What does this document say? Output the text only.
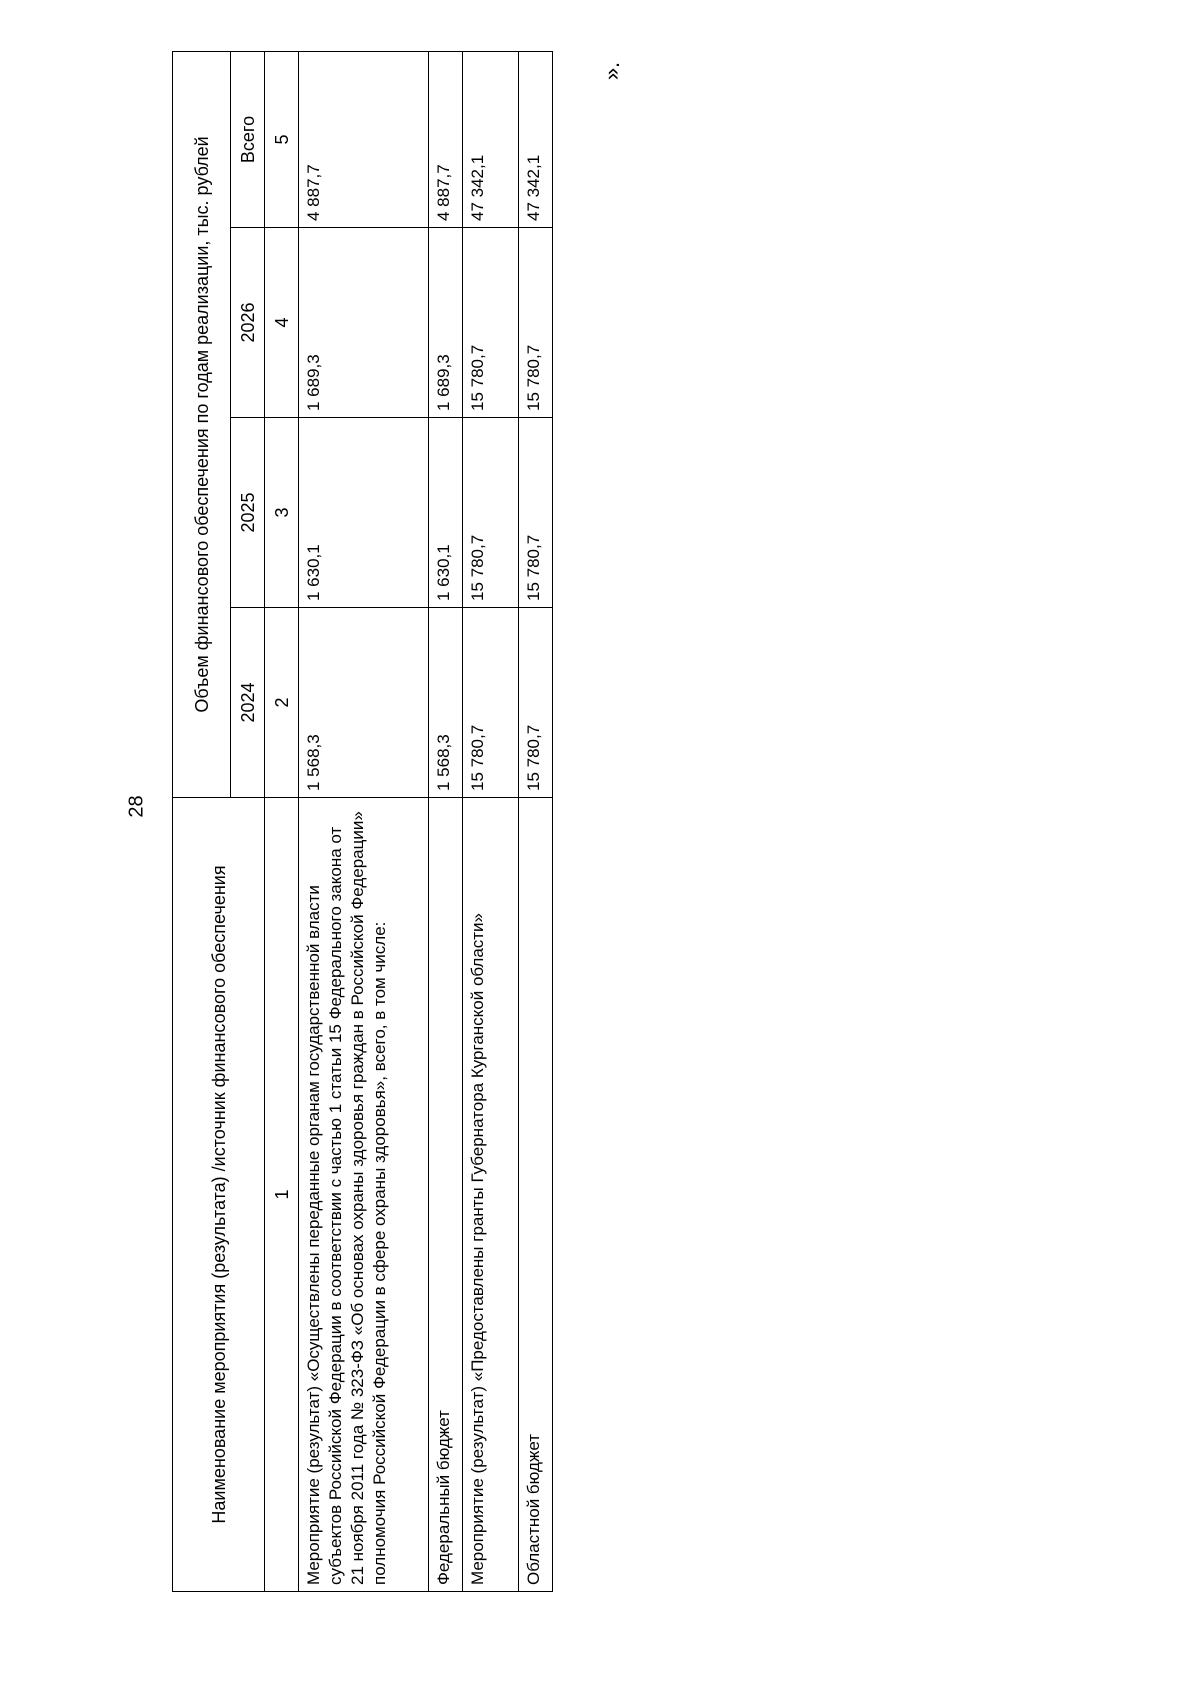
28
».
Наименование мероприятия (результата) /источник финансового обеспечения	Объем финансового обеспечения по годам реализации, тыс. рублей			
	2024	2025	2026	Всего
1	2	3	4	5
Мероприятие (результат) «Осуществлены переданные органам государственной власти субъектов Российской Федерации в соответствии с частью 1 статьи 15 Федерального закона от 21 ноября 2011 года № 323-ФЗ «Об основах охраны здоровья граждан в Российской Федерации» полномочия Российской Федерации в сфере охраны здоровья», всего, в том числе:	1 568,3	1 630,1	1 689,3	4 887,7
Федеральный бюджет	1 568,3	1 630,1	1 689,3	4 887,7
Мероприятие (результат) «Предоставлены гранты Губернатора Курганской области»	15 780,7	15 780,7	15 780,7	47 342,1
Областной бюджет	15 780,7	15 780,7	15 780,7	47 342,1
